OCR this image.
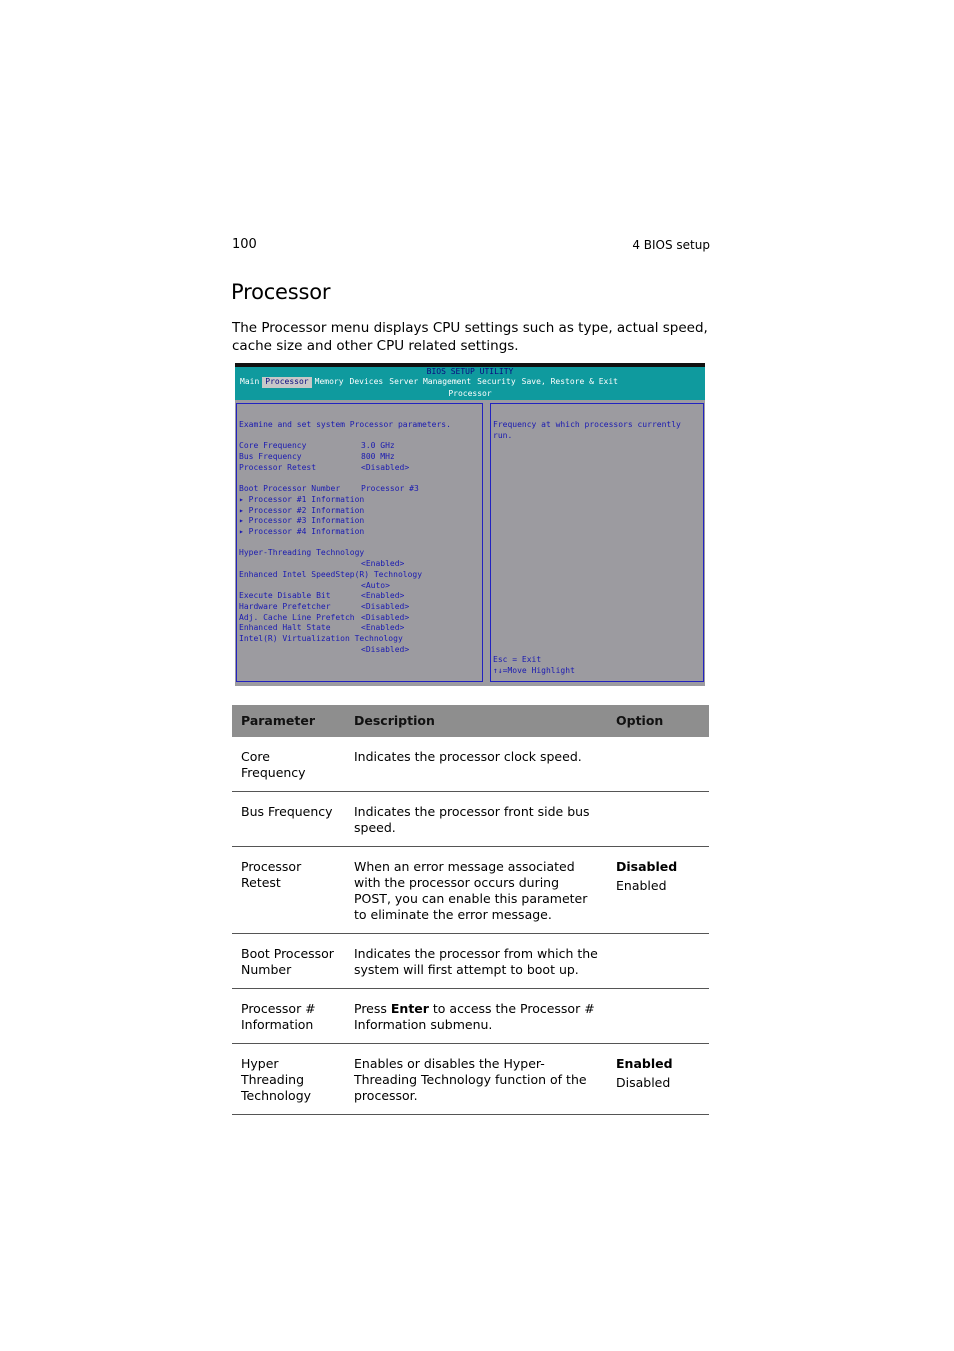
100	4 BIOS setup
Processor

The Processor menu displays CPU settings such as type, actual speed, cache size and other CPU related settings.

BIOS SETUP UTILITY
Main Processor Memory Devices Server Management Security Save, Restore & Exit
Processor
Examine and set system Processor parameters.
Core Frequency	3.0 GHz
Bus Frequency	800 MHz
Processor Retest	<Disabled>
Boot Processor Number	Processor #3
▸ Processor #1 Information
▸ Processor #2 Information
▸ Processor #3 Information
▸ Processor #4 Information
Hyper-Threading Technology
<Enabled>
Enhanced Intel SpeedStep(R) Technology
<Auto>
Execute Disable Bit	<Enabled>
Hardware Prefetcher	<Disabled>
Adj. Cache Line Prefetch <Disabled>
Enhanced Halt State	<Enabled>
Intel(R) Virtualization Technology
<Disabled>
Frequency at which processors currently
run.
Esc = Exit
↑↓=Move Highlight
Parameter	Description	Option
Core Frequency	Indicates the processor clock speed.	
Bus Frequency	Indicates the processor front side bus speed.	
Processor Retest	When an error message associated with the processor occurs during POST, you can enable this parameter to eliminate the error message.	Disabled
Enabled

Boot Processor Number	Indicates the processor from which the system will first attempt to boot up.	
Processor # Information	Press Enter to access the Processor # Information submenu.	
Hyper Threading Technology	Enables or disables the Hyper-Threading Technology function of the processor.	Enabled
Disabled
